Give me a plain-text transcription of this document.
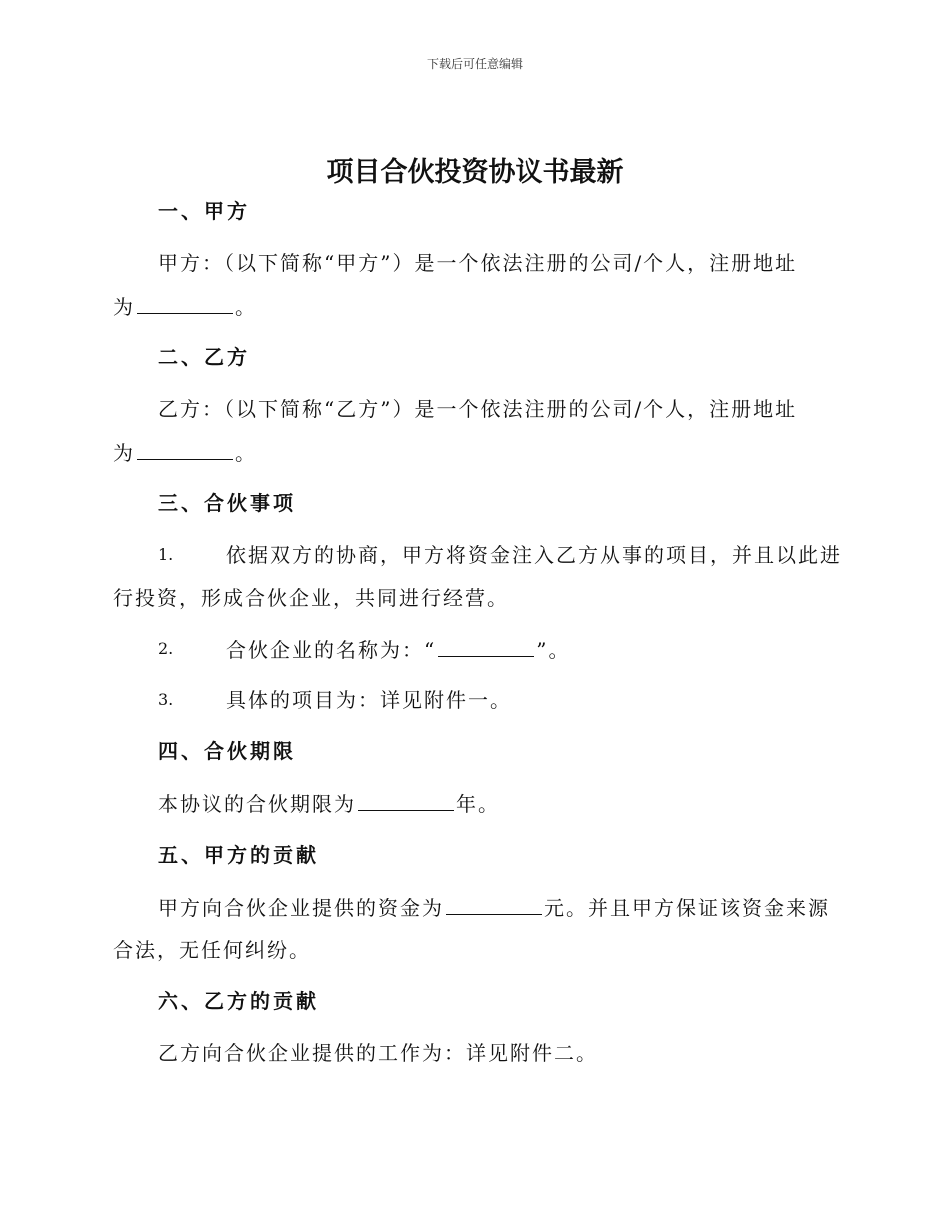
下载后可任意编辑
项目合伙投资协议书最新
一、甲方
甲方：（以下简称“甲方”）是一个依法注册的公司/个人，注册地址
为	。
二、乙方
乙方：（以下简称“乙方”）是一个依法注册的公司/个人，注册地址
为	。
三、合伙事项
1.	依据双方的协商，甲方将资金注入乙方从事的项目，并且以此进
行投资，形成合伙企业，共同进行经营。
2.	合伙企业的名称为：“	”。
3.	具体的项目为：详见附件一。
四、合伙期限
本协议的合伙期限为	年。
五、甲方的贡献
甲方向合伙企业提供的资金为	元。并且甲方保证该资金来源
合法，无任何纠纷。
六、乙方的贡献
乙方向合伙企业提供的工作为：详见附件二。
